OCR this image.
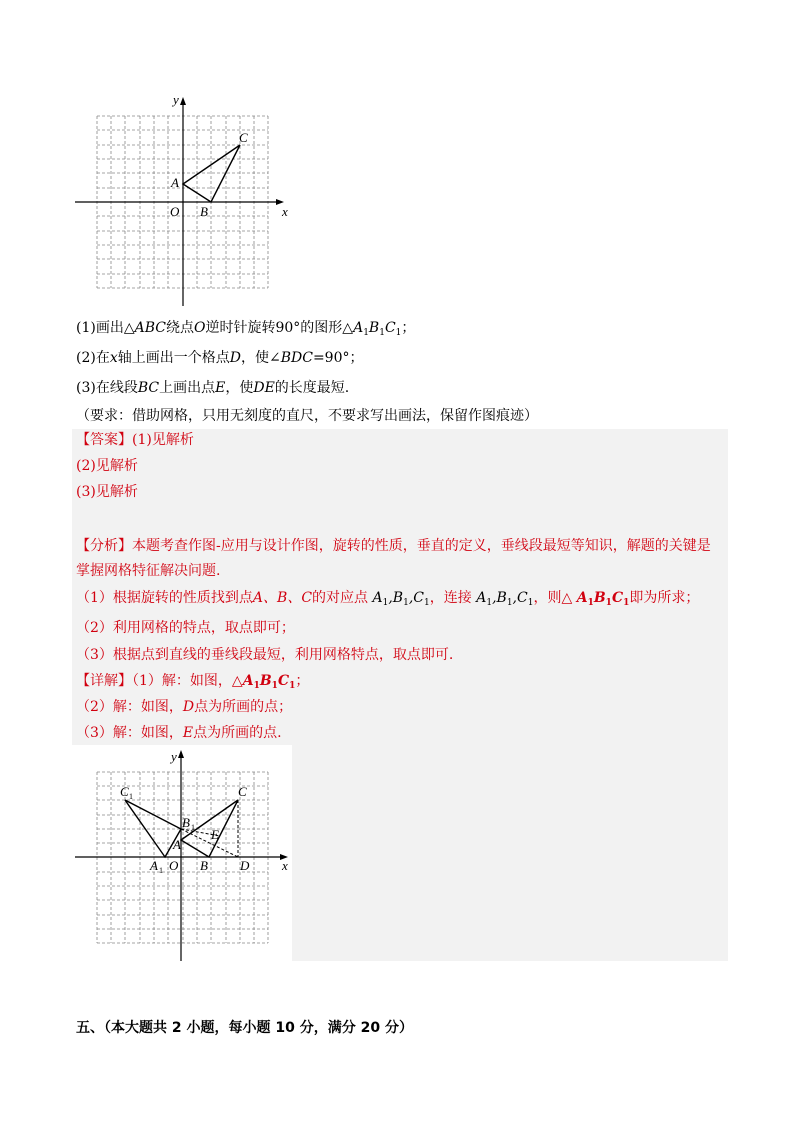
y
x
O
A
B
C
(1)画出△ABC绕点O逆时针旋转90°的图形$\triangle A_1B_1C_1$；
(2)在x轴上画出一个格点D，使∠BDC=90°；
(3)在线段BC上画出点E，使DE的长度最短.
（要求：借助网格，只用无刻度的直尺，不要求写出画法，保留作图痕迹）
【答案】(1)见解析
(2)见解析
(3)见解析
【分析】本题考查作图-应用与设计作图，旋转的性质，垂直的定义，垂线段最短等知识，解题的关键是
掌握网格特征解决问题.
（1）根据旋转的性质找到点A、B、C的对应点 $A_1,B_1,C_1$，连接 $A_1,B_1,C_1$，则△ $A_1B_1C_1$即为所求；
（2）利用网格的特点，取点即可；
（3）根据点到直线的垂线段最短，利用网格特点，取点即可.
【详解】（1）解：如图，$\triangle A_1B_1C_1$；
（2）解：如图，D点为所画的点；
（3）解：如图，E点为所画的点.
y
x
O
A
B
C
D
E
A 1
B 1
C 1
五、（本大题共 2 小题，每小题 10 分，满分 20 分）
